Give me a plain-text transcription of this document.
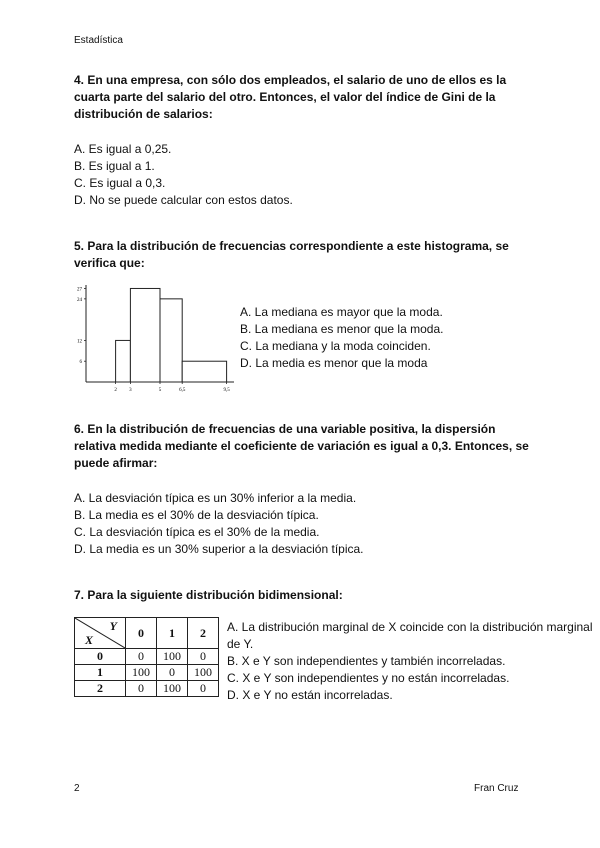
Estadística
4. En una empresa, con sólo dos empleados, el salario de uno de ellos es la cuarta parte del salario del otro. Entonces, el valor del índice de Gini de la distribución de salarios:
A. Es igual a 0,25.
B. Es igual a 1.
C. Es igual a 0,3.
D. No se puede calcular con estos datos.
5. Para la distribución de frecuencias correspondiente a este histograma, se verifica que:
6
12
24
27
2 3	5	6,5	9,5
A. La mediana es mayor que la moda.
B. La mediana es menor que la moda.
C. La mediana y la moda coinciden.
D. La media es menor que la moda
6. En la distribución de frecuencias de una variable positiva, la dispersión relativa medida mediante el coeficiente de variación es igual a 0,3. Entonces, se puede afirmar:
A. La desviación típica es un 30% inferior a la media.
B. La media es el 30% de la desviación típica.
C. La desviación típica es el 30% de la media.
D. La media es un 30% superior a la desviación típica.
7. Para la siguiente distribución bidimensional:
Y
X	0	1	2
0	0	100	0
1	100	0	100
2	0	100	0
A. La distribución marginal de X coincide con la distribución marginal de Y.
B. X e Y son independientes y también incorreladas.
C. X e Y son independientes y no están incorreladas.
D. X e Y no están incorreladas.
2	Fran Cruz
